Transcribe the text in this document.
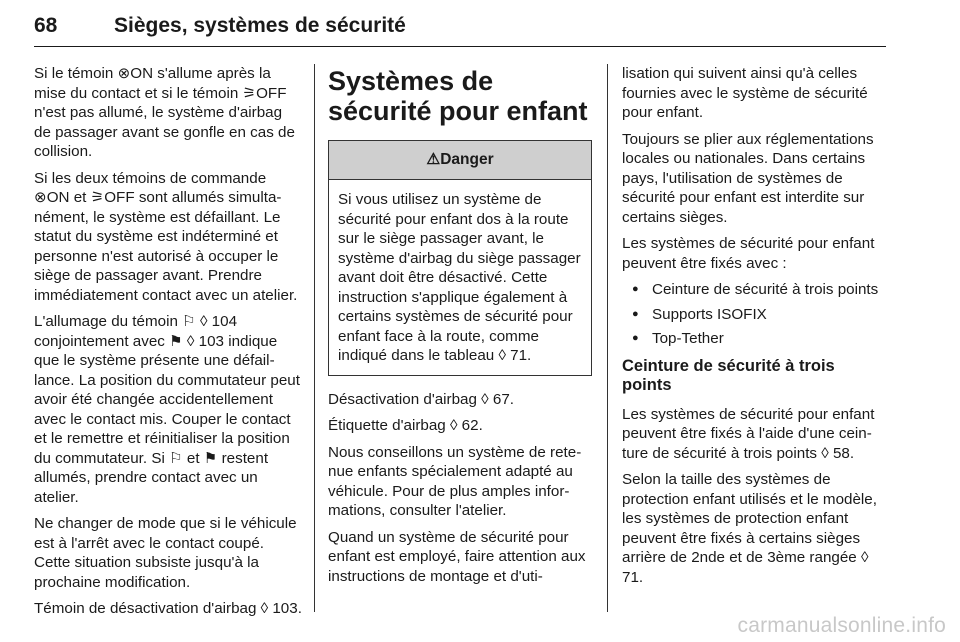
68	Sièges, systèmes de sécurité

Si le témoin ⊗ON s'allume après la mise du contact et si le témoin ⚞OFF n'est pas allumé, le système d'airbag de passager avant se gonfle en cas de collision.

Si les deux témoins de commande ⊗ON et ⚞OFF sont allumés simultanément, le système est défaillant. Le statut du système est indéterminé et personne n'est autorisé à occuper le siège de passager avant. Prendre immédiatement contact avec un atelier.

L'allumage du témoin ⚐ ◊ 104 conjointement avec ⚑ ◊ 103 indique que le système présente une défaillance. La position du commutateur peut avoir été changée accidentellement avec le contact mis. Couper le contact et le remettre et réinitialiser la position du commutateur. Si ⚐ et ⚑ restent allumés, prendre contact avec un atelier.

Ne changer de mode que si le véhicule est à l'arrêt avec le contact coupé. Cette situation subsiste jusqu'à la prochaine modification.

Témoin de désactivation d'airbag ◊ 103.

Systèmes de sécurité pour enfant
⚠Danger
Si vous utilisez un système de sécurité pour enfant dos à la route sur le siège passager avant, le système d'airbag du siège passager avant doit être désactivé. Cette instruction s'applique également à certains systèmes de sécurité pour enfant face à la route, comme indiqué dans le tableau ◊ 71.

Désactivation d'airbag ◊ 67.

Étiquette d'airbag ◊ 62.

Nous conseillons un système de retenue enfants spécialement adapté au véhicule. Pour de plus amples informations, consulter l'atelier.

Quand un système de sécurité pour enfant est employé, faire attention aux instructions de montage et d'uti-

lisation qui suivent ainsi qu'à celles fournies avec le système de sécurité pour enfant.

Toujours se plier aux réglementations locales ou nationales. Dans certains pays, l'utilisation de systèmes de sécurité pour enfant est interdite sur certains sièges.

Les systèmes de sécurité pour enfant peuvent être fixés avec :

● Ceinture de sécurité à trois points
● Supports ISOFIX
● Top-Tether
Ceinture de sécurité à trois points

Les systèmes de sécurité pour enfant peuvent être fixés à l'aide d'une ceinture de sécurité à trois points ◊ 58.

Selon la taille des systèmes de protection enfant utilisés et le modèle, les systèmes de protection enfant peuvent être fixés à certains sièges arrière de 2nde et de 3ème rangée ◊ 71.

carmanualsonline.info
